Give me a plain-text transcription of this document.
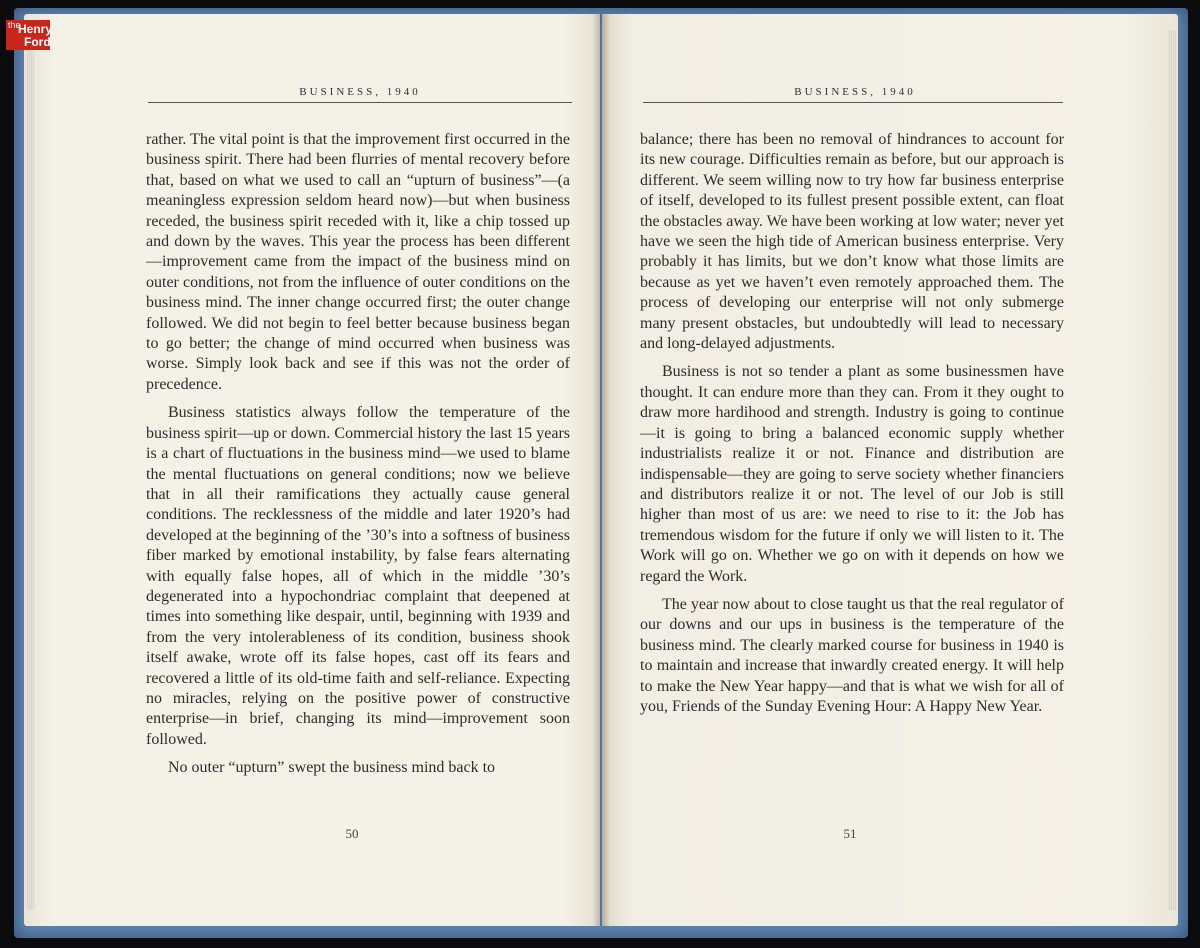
the
Henry
Ford
BUSINESS, 1940

rather. The vital point is that the improvement first occurred in the business spirit. There had been flurries of mental recovery before that, based on what we used to call an “upturn of business”—(a meaningless expression seldom heard now)—but when business receded, the business spirit receded with it, like a chip tossed up and down by the waves. This year the process has been different—improvement came from the impact of the business mind on outer conditions, not from the influence of outer conditions on the business mind. The inner change occurred first; the outer change followed. We did not begin to feel better because business began to go better; the change of mind occurred when business was worse. Simply look back and see if this was not the order of precedence.

Business statistics always follow the temperature of the business spirit—up or down. Commercial history the last 15 years is a chart of fluctuations in the business mind—we used to blame the mental fluctuations on general conditions; now we believe that in all their ramifications they actually cause general conditions. The recklessness of the middle and later 1920’s had developed at the beginning of the ’30’s into a softness of business fiber marked by emotional instability, by false fears alternating with equally false hopes, all of which in the middle ’30’s degenerated into a hypochondriac complaint that deepened at times into something like despair, until, beginning with 1939 and from the very intolerableness of its condition, business shook itself awake, wrote off its false hopes, cast off its fears and recovered a little of its old-time faith and self-reliance. Expecting no miracles, relying on the positive power of constructive enterprise—in brief, changing its mind—improvement soon followed.

No outer “upturn” swept the business mind back to

50
BUSINESS, 1940

balance; there has been no removal of hindrances to account for its new courage. Difficulties remain as before, but our approach is different. We seem willing now to try how far business enterprise of itself, developed to its fullest present possible extent, can float the obstacles away. We have been working at low water; never yet have we seen the high tide of American business enterprise. Very probably it has limits, but we don’t know what those limits are because as yet we haven’t even remotely approached them. The process of developing our enterprise will not only submerge many present obstacles, but undoubtedly will lead to necessary and long-delayed adjustments.

Business is not so tender a plant as some businessmen have thought. It can endure more than they can. From it they ought to draw more hardihood and strength. Industry is going to continue—it is going to bring a balanced economic supply whether industrialists realize it or not. Finance and distribution are indispensable—they are going to serve society whether financiers and distributors realize it or not. The level of our Job is still higher than most of us are: we need to rise to it: the Job has tremendous wisdom for the future if only we will listen to it. The Work will go on. Whether we go on with it depends on how we regard the Work.

The year now about to close taught us that the real regulator of our downs and our ups in business is the temperature of the business mind. The clearly marked course for business in 1940 is to maintain and increase that inwardly created energy. It will help to make the New Year happy—and that is what we wish for all of you, Friends of the Sunday Evening Hour: A Happy New Year.

51
